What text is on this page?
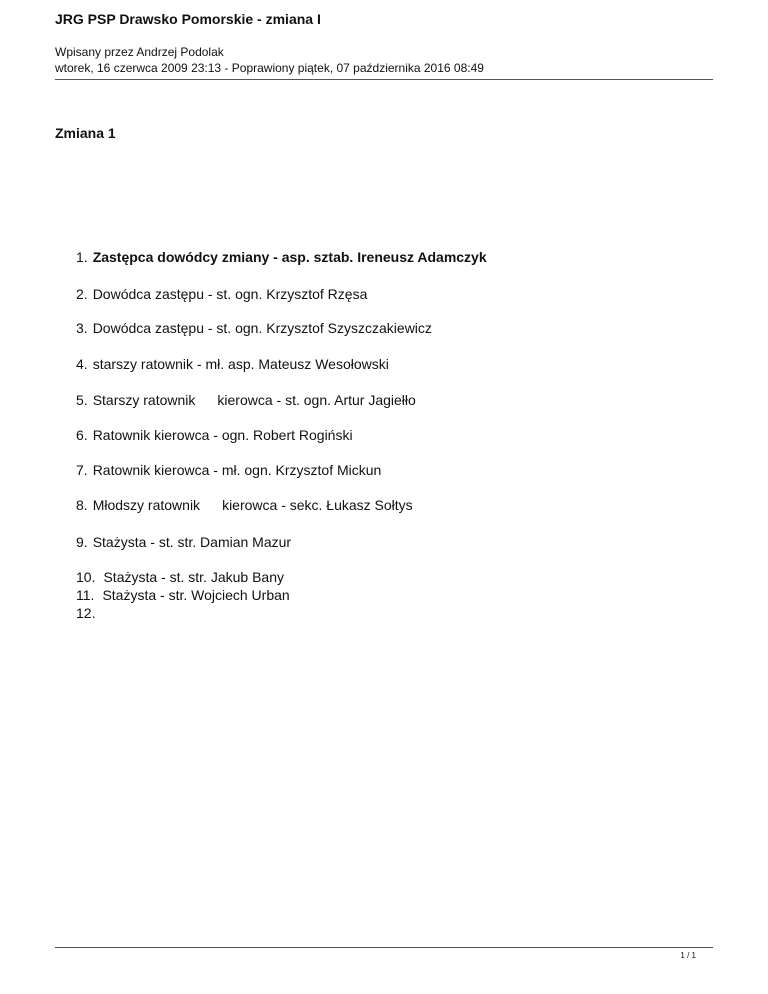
JRG PSP Drawsko Pomorskie - zmiana I
Wpisany przez Andrzej Podolak
wtorek, 16 czerwca 2009 23:13 - Poprawiony piątek, 07 października 2016 08:49
Zmiana 1
1. Zastępca dowódcy zmiany - asp. sztab. Ireneusz Adamczyk
2. Dowódca zastępu - st. ogn. Krzysztof Rzęsa
3. Dowódca zastępu - st. ogn. Krzysztof Szyszczakiewicz
4. starszy ratownik - mł. asp. Mateusz Wesołowski
5. Starszy ratownik kierowca - st. ogn. Artur Jagiełło
6. Ratownik kierowca - ogn. Robert Rogiński
7. Ratownik kierowca - mł. ogn. Krzysztof Mickun
8. Młodszy ratownik kierowca - sekc. Łukasz Sołtys
9. Stażysta - st. str. Damian Mazur
10. Stażysta - st. str. Jakub Bany
11. Stażysta - str. Wojciech Urban
12.
1 / 1
